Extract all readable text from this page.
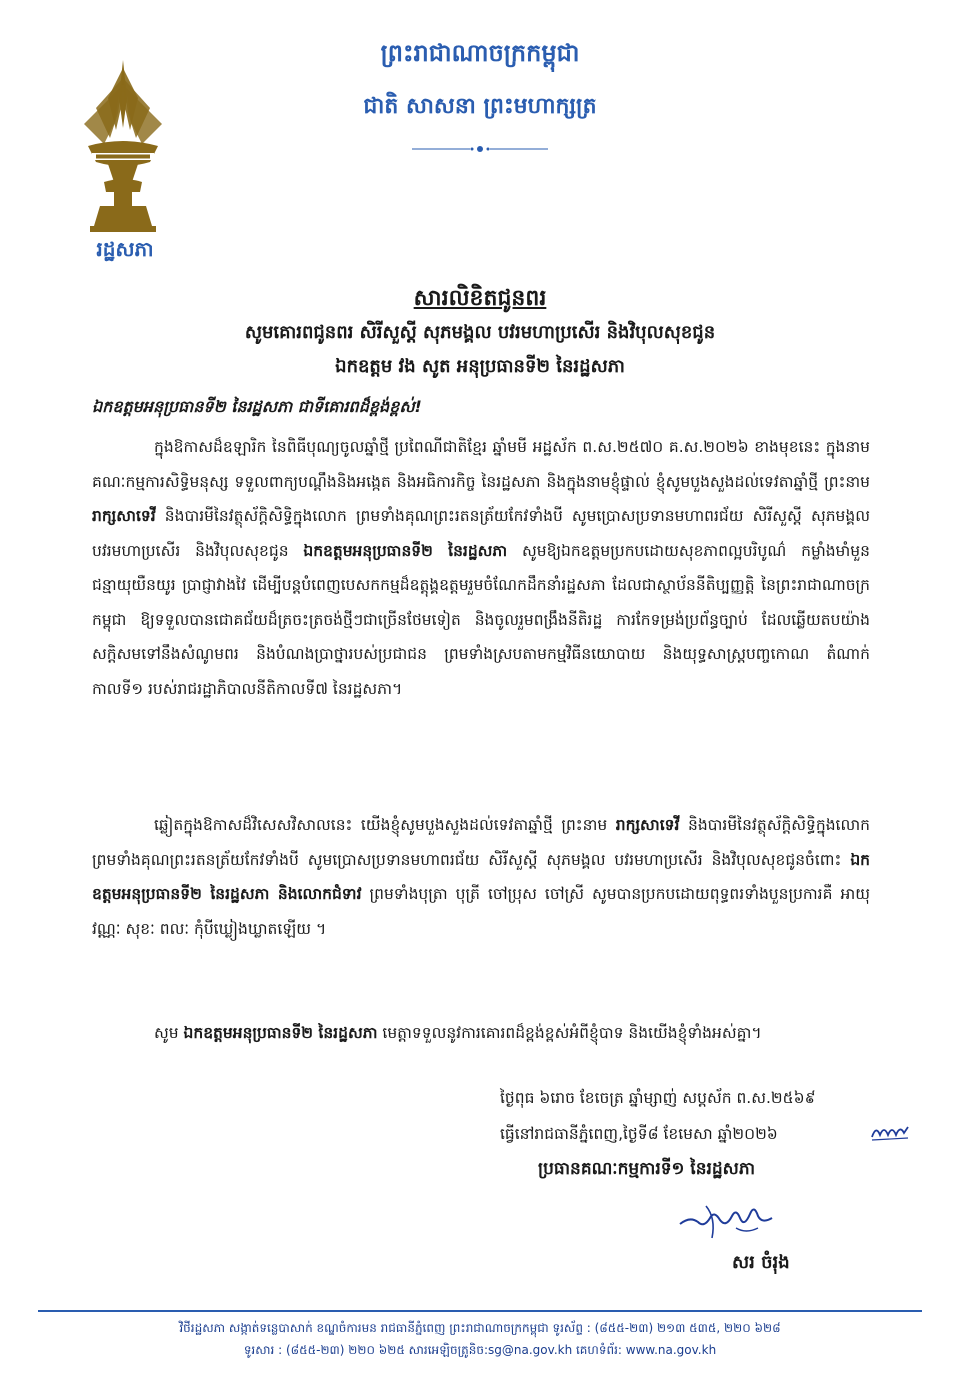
រដ្ឋសភា
ព្រះរាជាណាចក្រកម្ពុជា
ជាតិ សាសនា ព្រះមហាក្សត្រ
សារលិខិតជូនពរ
សូមគោរពជូនពរ សិរីសួស្តី សុភមង្គល បវរមហាប្រសើរ និងវិបុលសុខជូន
ឯកឧត្តម វង សូត អនុប្រធានទី២ នៃរដ្ឋសភា
ឯកឧត្តមអនុប្រធានទី២ នៃរដ្ឋសភា ជាទីគោរពដ៏ខ្ពង់ខ្ពស់!
ក្នុងឱកាសដ៏ឧឡារិក នៃពិធីបុណ្យចូលឆ្នាំថ្មី ប្រពៃណីជាតិខ្មែរ ឆ្នាំមមី អដ្ឋស័ក ព.ស.២៥៧០ គ.ស.២០២៦ ខាងមុខនេះ ក្នុងនាមគណៈកម្មការសិទ្ធិមនុស្ស ទទួលពាក្យបណ្តឹងនិងអង្កេត និងអធិការកិច្ច នៃរដ្ឋសភា និងក្នុងនាមខ្ញុំផ្ទាល់ ខ្ញុំសូមបួងសួងដល់ទេវតាឆ្នាំថ្មី ព្រះនាម រាក្សសាទេវី និងបារមីនៃវត្ថុស័ក្តិសិទ្ធិក្នុងលោក ព្រមទាំងគុណព្រះរតនត្រ័យកែវទាំងបី សូមប្រោសប្រទានមហាពរជ័យ សិរីសួស្តី សុភមង្គល បវរមហាប្រសើរ និងវិបុលសុខជូន ឯកឧត្តមអនុប្រធានទី២ នៃរដ្ឋសភា សូមឱ្យឯកឧត្តមប្រកបដោយសុខភាពល្អបរិបូណ៌ កម្លាំងមាំមួន ជន្មាយុយឺនយូរ ប្រាជ្ញាវាងវៃ ដើម្បីបន្តបំពេញបេសកកម្មដ៏ឧត្តុង្គឧត្តមរួមចំណែកដឹកនាំរដ្ឋសភា ដែលជាស្ថាប័ននីតិប្បញ្ញត្តិ នៃព្រះរាជាណាចក្រកម្ពុជា ឱ្យទទួលបានជោគជ័យដ៏ត្រចះត្រចង់ថ្មីៗជាច្រើនថែមទៀត និងចូលរួមពង្រឹងនីតិរដ្ឋ ការកែទម្រង់ប្រព័ន្ធច្បាប់ ដែលឆ្លើយតបយ៉ាងសក្តិសមទៅនឹងសំណូមពរ និងបំណងប្រាថ្នារបស់ប្រជាជន ព្រមទាំងស្របតាមកម្មវិធីនយោបាយ និងយុទ្ធសាស្ត្របញ្ចកោណ តំណាក់កាលទី១ របស់រាជរដ្ឋាភិបាលនីតិកាលទី៧ នៃរដ្ឋសភា។
ឆ្លៀតក្នុងឱកាសដ៏វិសេសវិសាលនេះ យើងខ្ញុំសូមបួងសួងដល់ទេវតាឆ្នាំថ្មី ព្រះនាម រាក្សសាទេវី និងបារមីនៃវត្ថុស័ក្តិសិទ្ធិក្នុងលោក ព្រមទាំងគុណព្រះរតនត្រ័យកែវទាំងបី សូមប្រោសប្រទានមហាពរជ័យ សិរីសួស្តី សុភមង្គល បវរមហាប្រសើរ និងវិបុលសុខជូនចំពោះ ឯកឧត្តមអនុប្រធានទី២ នៃរដ្ឋសភា និងលោកជំទាវ ព្រមទាំងបុត្រា បុត្រី ចៅប្រុស ចៅស្រី សូមបានប្រកបដោយពុទ្ធពរទាំងបួនប្រការគឺ អាយុ វណ្ណៈ សុខៈ ពលៈ កុំបីឃ្លៀងឃ្លាតឡើយ ។
សូម ឯកឧត្តមអនុប្រធានទី២ នៃរដ្ឋសភា មេត្តាទទួលនូវការគោរពដ៏ខ្ពង់ខ្ពស់អំពីខ្ញុំបាទ និងយើងខ្ញុំទាំងអស់គ្នា។
ថ្ងៃពុធ ៦រោច ខែចេត្រ ឆ្នាំម្សាញ់ សប្តស័ក ព.ស.២៥៦៩
ធ្វើនៅរាជធានីភ្នំពេញ,ថ្ងៃទី៨ ខែមេសា ឆ្នាំ២០២៦
ប្រធានគណៈកម្មការទី១ នៃរដ្ឋសភា
សរ ចំរុង
វិថីរដ្ឋសភា សង្កាត់ទន្លេបាសាក់ ខណ្ឌចំការមន រាជធានីភ្នំពេញ ព្រះរាជាណាចក្រកម្ពុជា ទូរស័ព្ទ : (៨៥៥-២៣) ២១៣ ៥៣៥, ២២០ ៦២៨
ទូរសារ : (៨៥៥-២៣) ២២០ ៦២៥ សារអេឡិចត្រូនិច:sg@na.gov.kh គេហទំព័រ: www.na.gov.kh
